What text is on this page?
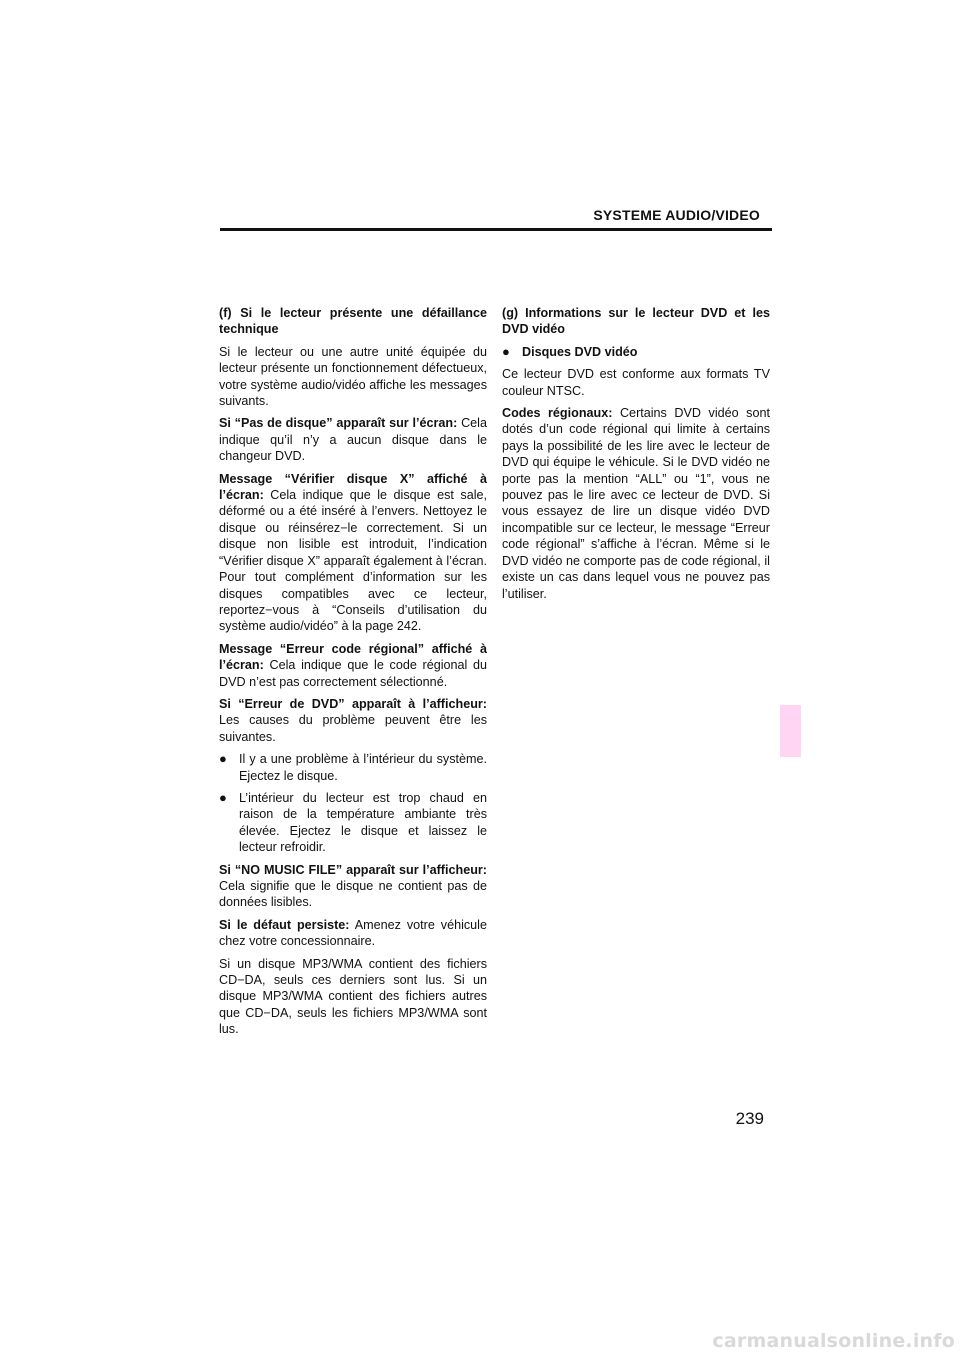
SYSTEME AUDIO/VIDEO

(f) Si le lecteur présente une défaillance technique

Si le lecteur ou une autre unité équipée du lecteur présente un fonctionnement défectueux, votre système audio/vidéo affiche les messages suivants.

Si “Pas de disque” apparaît sur l’écran: Cela indique qu’il n’y a aucun disque dans le changeur DVD.

Message “Vérifier disque X” affiché à l’écran: Cela indique que le disque est sale, déformé ou a été inséré à l’envers. Nettoyez le disque ou réinsérez−le correctement. Si un disque non lisible est introduit, l’indication “Vérifier disque X” apparaît également à l’écran. Pour tout complément d’information sur les disques compatibles avec ce lecteur, reportez−vous à “Conseils d’utilisation du système audio/vidéo” à la page 242.

Message “Erreur code régional” affiché à l’écran: Cela indique que le code régional du DVD n’est pas correctement sélectionné.

Si “Erreur de DVD” apparaît à l’afficheur: Les causes du problème peuvent être les suivantes.

● Il y a une problème à l’intérieur du système. Ejectez le disque.
● L’intérieur du lecteur est trop chaud en raison de la température ambiante très élevée. Ejectez le disque et laissez le lecteur refroidir.

Si “NO MUSIC FILE” apparaît sur l’afficheur: Cela signifie que le disque ne contient pas de données lisibles.

Si le défaut persiste: Amenez votre véhicule chez votre concessionnaire.

Si un disque MP3/WMA contient des fichiers CD−DA, seuls ces derniers sont lus. Si un disque MP3/WMA contient des fichiers autres que CD−DA, seuls les fichiers MP3/WMA sont lus.

(g) Informations sur le lecteur DVD et les DVD vidéo

● Disques DVD vidéo

Ce lecteur DVD est conforme aux formats TV couleur NTSC.

Codes régionaux: Certains DVD vidéo sont dotés d’un code régional qui limite à certains pays la possibilité de les lire avec le lecteur de DVD qui équipe le véhicule. Si le DVD vidéo ne porte pas la mention “ALL” ou “1”, vous ne pouvez pas le lire avec ce lecteur de DVD. Si vous essayez de lire un disque vidéo DVD incompatible sur ce lecteur, le message “Erreur code régional” s’affiche à l’écran. Même si le DVD vidéo ne comporte pas de code régional, il existe un cas dans lequel vous ne pouvez pas l’utiliser.

239
carmanualsonline.info
